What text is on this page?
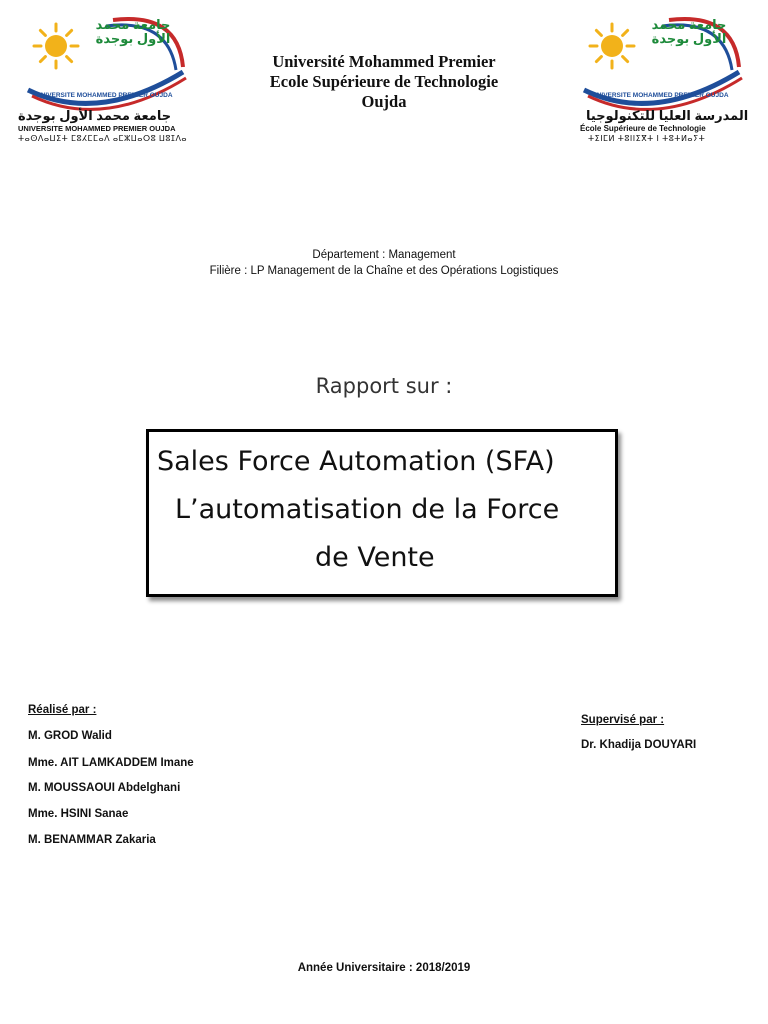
جامعة محمد الأول بوجدة
UNIVERSITE MOHAMMED PREMIER OUJDA
جامعة محمد الأول بوجدة
UNIVERSITE MOHAMMED PREMIER OUJDA
ⵜⴰⵙⴷⴰⵡⵉⵜ ⵎⵓⵃⵎⵎⴰⴷ ⴰⵎⵣⵡⴰⵔⵓ ⵡⵓⵊⴷⴰ
جامعة محمد الأول بوجدة
UNIVERSITE MOHAMMED PREMIER OUJDA
المدرسة العليا للتكنولوجيا
École Supérieure de Technologie
ⵜⵉⵏⵎⵍ ⵜⵓⵏⵏⵉⴳⵜ ⵏ ⵜⵓⵜⵍⴰⵢⵜ
Université Mohammed Premier
Ecole Supérieure de Technologie
Oujda
Département : Management
Filière : LP Management de la Chaîne et des Opérations Logistiques
Rapport sur :
Sales Force Automation (SFA)
L’automatisation de la Force
de Vente
Réalisé par :
M. GROD Walid
Mme. AIT LAMKADDEM Imane
M. MOUSSAOUI Abdelghani
Mme. HSINI Sanae
M. BENAMMAR Zakaria
Supervisé par :
Dr. Khadija DOUYARI
Année Universitaire : 2018/2019
